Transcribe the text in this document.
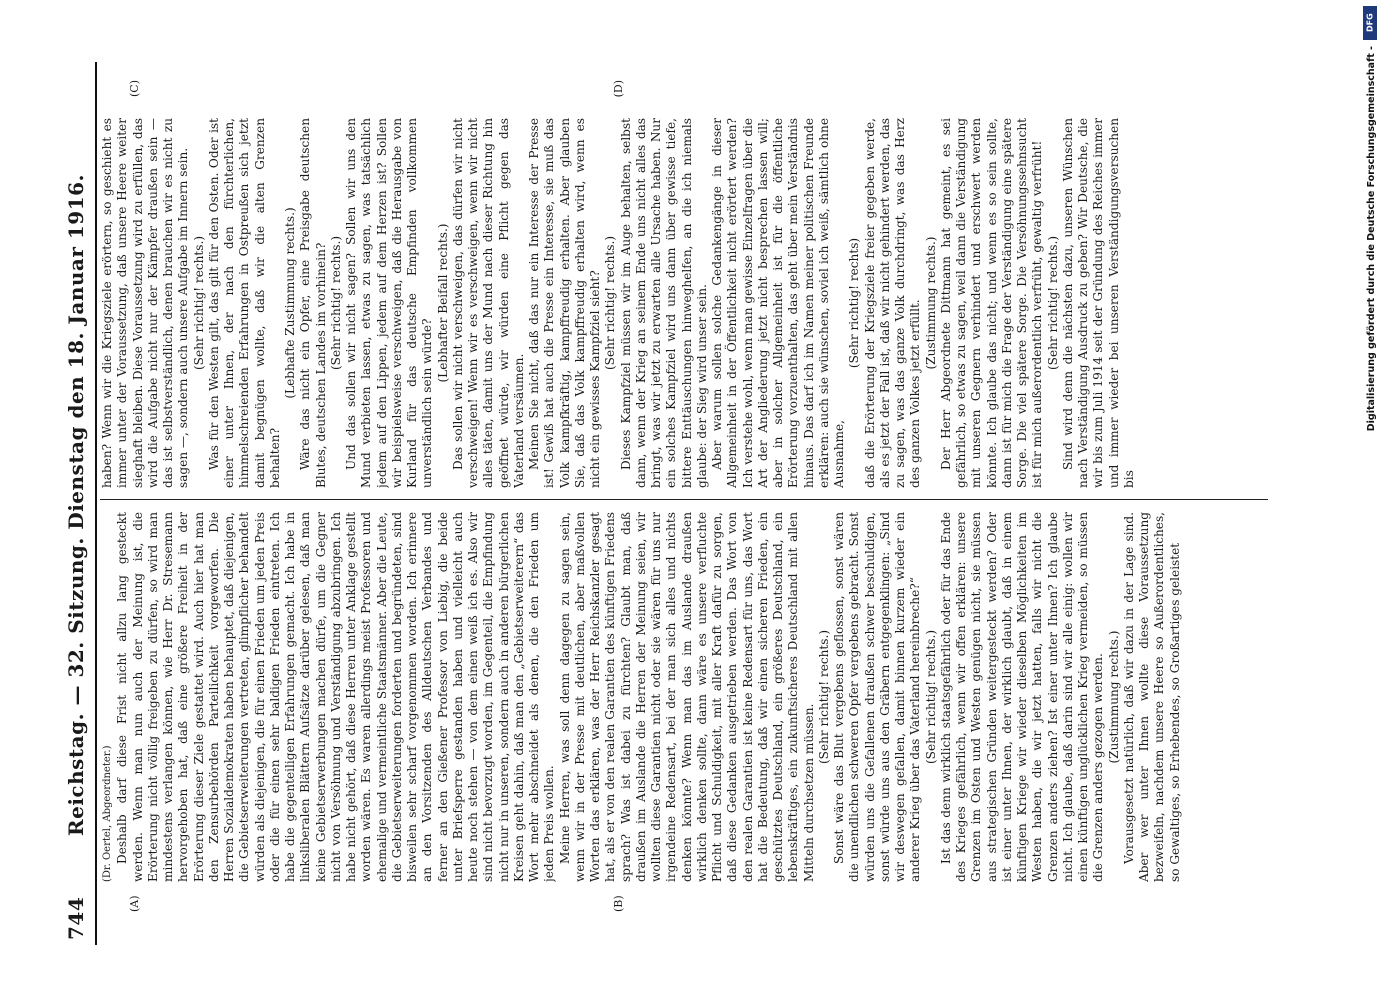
DFG
Digitalisierung gefördert durch die Deutsche Forschungsgemeinschaft -
744
Reichstag. — 32. Sitzung. Dienstag den 18. Januar 1916.
(A)	(B)
(C)	(D)

(Dr. Oertel, Abgeordneter.) Deshalb darf diese Frist nicht allzu lang gesteckt werden. Wenn man nun auch der Meinung ist, die Erörterung nicht völlig freigeben zu dürfen, so wird man mindestens verlangen können, wie Herr Dr. Stresemann hervorgehoben hat, daß eine größere Freiheit in der Erörterung dieser Ziele gestattet wird. Auch hier hat man den Zensurbehörden Parteilichkeit vorgeworfen. Die Herren Sozialdemokraten haben behauptet, daß diejenigen, die Gebietserweiterungen vertreten, glimpflicher behandelt würden als diejenigen, die für einen Frieden um jeden Preis oder die für einen sehr baldigen Frieden eintreten. Ich habe die gegenteiligen Erfahrungen gemacht. Ich habe in linksliberalen Blättern Aufsätze darüber gelesen, daß man keine Gebietserwerbungen machen dürfe, um die Gegner nicht von Versöhnung und Verständigung abzubringen. Ich habe nicht gehört, daß diese Herren unter Anklage gestellt worden wären. Es waren allerdings meist Professoren und ehemalige und vermeintliche Staatsmänner. Aber die Leute, die Gebietserweiterungen forderten und begründeten, sind bisweilen sehr scharf vorgenommen worden. Ich erinnere an den Vorsitzenden des Alldeutschen Verbandes und ferner an den Gießener Professor von Liebig, die beide unter Briefsperre gestanden haben und vielleicht auch heute noch stehen — von dem einen weiß ich es. Also wir sind nicht bevorzugt worden, im Gegenteil, die Empfindung nicht nur in unseren, sondern auch in anderen bürgerlichen Kreisen geht dahin, daß man den „Gebietserweiterern“ das Wort mehr abschneidet als denen, die den Frieden um jeden Preis wollen. Meine Herren, was soll denn dagegen zu sagen sein, wenn wir in der Presse mit deutlichen, aber maßvollen Worten das erklären, was der Herr Reichskanzler gesagt hat, als er von den realen Garantien des künftigen Friedens sprach? Was ist dabei zu fürchten? Glaubt man, daß draußen im Auslande die Herren der Meinung seien, wir wollten diese Garantien nicht oder sie wären für uns nur irgendeine Redensart, bei der man sich alles und nichts denken könnte? Wenn man das im Auslande draußen wirklich denken sollte, dann wäre es unsere verfluchte Pflicht und Schuldigkeit, mit aller Kraft dafür zu sorgen, daß diese Gedanken ausgetrieben werden. Das Wort von den realen Garantien ist keine Redensart für uns, das Wort hat die Bedeutung, daß wir einen sicheren Frieden, ein geschütztes Deutschland, ein größeres Deutschland, ein lebenskräftiges, ein zukunftsicheres Deutschland mit allen Mitteln durchsetzen müssen.

(Sehr richtig! rechts.) Sonst wäre das Blut vergebens geflossen, sonst wären die unendlichen schweren Opfer vergebens gebracht. Sonst würden uns die Gefallenen draußen schwer beschuldigen, sonst würde uns aus den Gräbern entgegenklingen: „Sind wir deswegen gefallen, damit binnen kurzem wieder ein anderer Krieg über das Vaterland hereinbreche?“ (Sehr richtig! rechts.) Ist das denn wirklich staatsgefährlich oder für das Ende des Krieges gefährlich, wenn wir offen erklären: unsere Grenzen im Osten und Westen genügen nicht, sie müssen aus strategischen Gründen weitergesteckt werden? Oder ist einer unter Ihnen, der wirklich glaubt, daß in einem künftigen Kriege wir wieder dieselben Möglichkeiten im Westen haben, die wir jetzt hatten, falls wir nicht die Grenzen anders ziehen? Ist einer unter Ihnen? Ich glaube nicht. Ich glaube, daß darin sind wir alle einig: wollen wir einen künftigen unglücklichen Krieg vermeiden, so müssen die Grenzen anders gezogen werden. (Zustimmung rechts.) Vorausgesetzt natürlich, daß wir dazu in der Lage sind. Aber wer unter Ihnen wollte diese Voraussetzung bezweifeln, nachdem unsere Heere so Außerordentliches, so Gewaltiges, so Erhebendes, so Großartiges geleistet

haben? Wenn wir die Kriegsziele erörtern, so geschieht es immer unter der Voraussetzung, daß unsere Heere weiter sieghaft bleiben. Diese Voraussetzung wird zu erfüllen, das wird die Aufgabe nicht nur der Kämpfer draußen sein — das ist selbstverständlich, denen brauchen wir es nicht zu sagen —, sondern auch unsere Aufgabe im Innern sein. (Sehr richtig! rechts.) Was für den Westen gilt, das gilt für den Osten. Oder ist einer unter Ihnen, der nach den fürchterlichen, himmelschreienden Erfahrungen in Ostpreußen sich jetzt damit begnügen wollte, daß wir die alten Grenzen behalten?

(Lebhafte Zustimmung rechts.) Wäre das nicht ein Opfer, eine Preisgabe deutschen Blutes, deutschen Landes im vorhinein? (Sehr richtig! rechts.) Und das sollen wir nicht sagen? Sollen wir uns den Mund verbieten lassen, etwas zu sagen, was tatsächlich jedem auf den Lippen, jedem auf dem Herzen ist? Sollen wir beispielsweise verschweigen, daß die Herausgabe von Kurland für das deutsche Empfinden vollkommen unverständlich sein würde?

(Lebhafter Beifall rechts.) Das sollen wir nicht verschweigen, das dürfen wir nicht verschweigen! Wenn wir es verschweigen, wenn wir nicht alles täten, damit uns der Mund nach dieser Richtung hin geöffnet würde, wir würden eine Pflicht gegen das Vaterland versäumen. Meinen Sie nicht, daß das nur ein Interesse der Presse ist! Gewiß hat auch die Presse ein Interesse, sie muß das Volk kampfkräftig, kampffreudig erhalten. Aber glauben Sie, daß das Volk kampffreudig erhalten wird, wenn es nicht ein gewisses Kampfziel sieht? (Sehr richtig! rechts.) Dieses Kampfziel müssen wir im Auge behalten, selbst dann, wenn der Krieg an seinem Ende uns nicht alles das bringt, was wir jetzt zu erwarten alle Ursache haben. Nur ein solches Kampfziel wird uns dann über gewisse tiefe, bittere Enttäuschungen hinweghelfen, an die ich niemals glaube: der Sieg wird unser sein. Aber warum sollen solche Gedankengänge in dieser Allgemeinheit in der Öffentlichkeit nicht erörtert werden? Ich verstehe wohl, wenn man gewisse Einzelfragen über die Art der Angliederung jetzt nicht besprechen lassen will; aber in solcher Allgemeinheit ist für die öffentliche Erörterung vorzuenthalten, das geht über mein Verständnis hinaus. Das darf ich im Namen meiner politischen Freunde erklären: auch sie wünschen, soviel ich weiß, sämtlich ohne Ausnahme,

(Sehr richtig! rechts) daß die Erörterung der Kriegsziele freier gegeben werde, als es jetzt der Fall ist, daß wir nicht gehindert werden, das zu sagen, was das ganze Volk durchdringt, was das Herz des ganzen Volkes jetzt erfüllt. (Zustimmung rechts.) Der Herr Abgeordnete Dittmann hat gemeint, es sei gefährlich, so etwas zu sagen, weil dann die Verständigung mit unseren Gegnern verhindert und erschwert werden könnte. Ich glaube das nicht; und wenn es so sein sollte, dann ist für mich die Frage der Verständigung eine spätere Sorge. Die viel spätere Sorge. Die Versöhnungssehnsucht ist für mich außerordentlich verfrüht, gewaltig verfrüht! (Sehr richtig! rechts.) Sind wird denn die nächsten dazu, unseren Wünschen nach Verständigung Ausdruck zu geben? Wir Deutsche, die wir bis zum Juli 1914 seit der Gründung des Reiches immer und immer wieder bei unseren Verständigungsversuchen bis
